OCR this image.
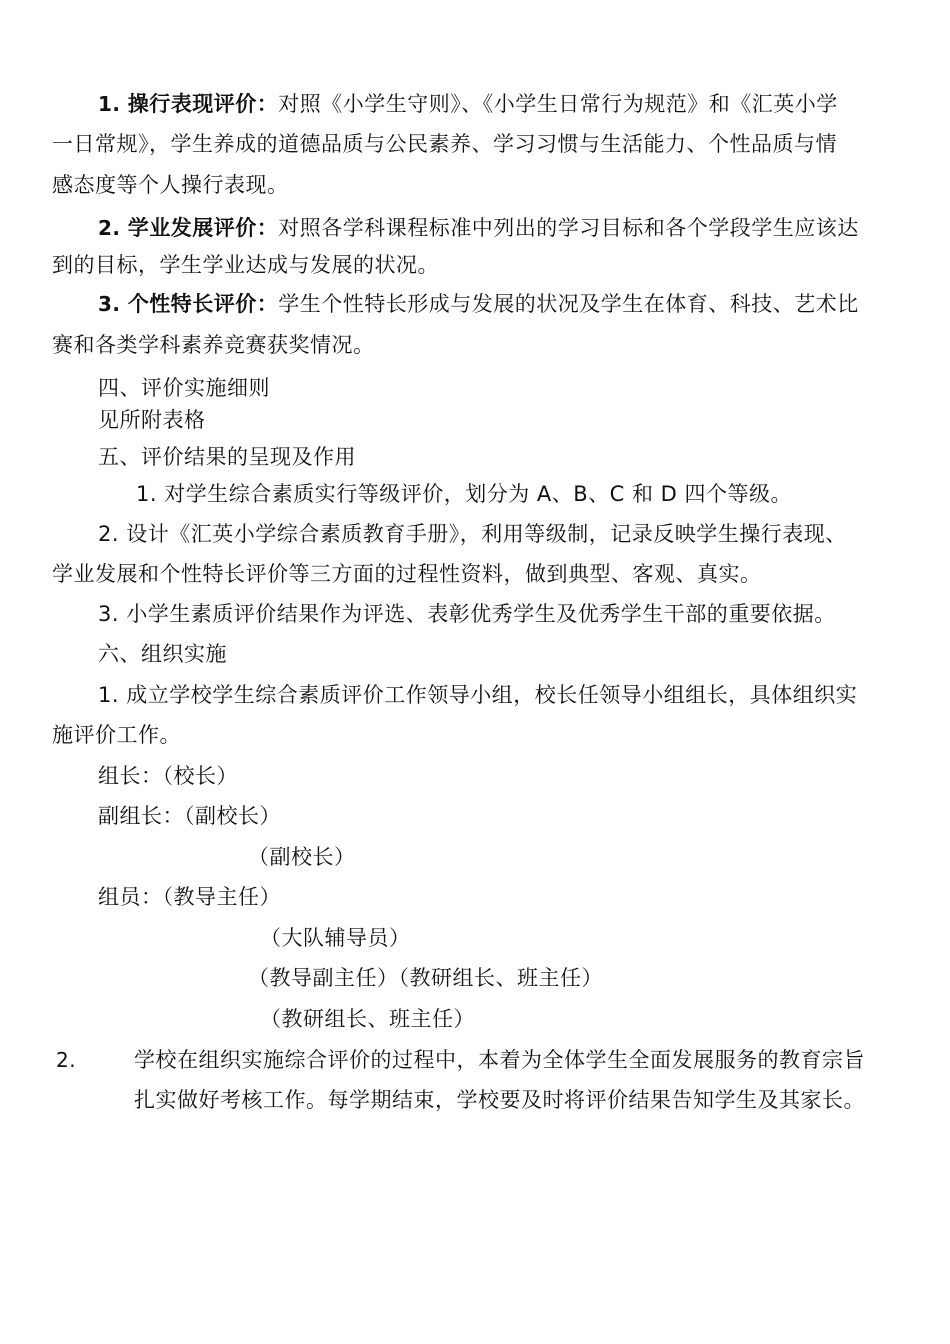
1. 操行表现评价：对照《小学生守则》、《小学生日常行为规范》和《汇英小学

一日常规》，学生养成的道德品质与公民素养、学习习惯与生活能力、个性品质与情

感态度等个人操行表现。

2. 学业发展评价：对照各学科课程标准中列出的学习目标和各个学段学生应该达

到的目标，学生学业达成与发展的状况。

3. 个性特长评价：学生个性特长形成与发展的状况及学生在体育、科技、艺术比

赛和各类学科素养竞赛获奖情况。

四、评价实施细则

见所附表格

五、评价结果的呈现及作用

1. 对学生综合素质实行等级评价，划分为 A、B、C 和 D 四个等级。

2. 设计《汇英小学综合素质教育手册》，利用等级制，记录反映学生操行表现、

学业发展和个性特长评价等三方面的过程性资料，做到典型、客观、真实。

3. 小学生素质评价结果作为评选、表彰优秀学生及优秀学生干部的重要依据。

六、组织实施

1. 成立学校学生综合素质评价工作领导小组，校长任领导小组组长，具体组织实

施评价工作。

组长：（校长）

副组长：（副校长）

（副校长）

组员：（教导主任）

（大队辅导员）

（教导副主任）（教研组长、班主任）

（教研组长、班主任）

2.	学校在组织实施综合评价的过程中，本着为全体学生全面发展服务的教育宗旨

扎实做好考核工作。每学期结束，学校要及时将评价结果告知学生及其家长。
